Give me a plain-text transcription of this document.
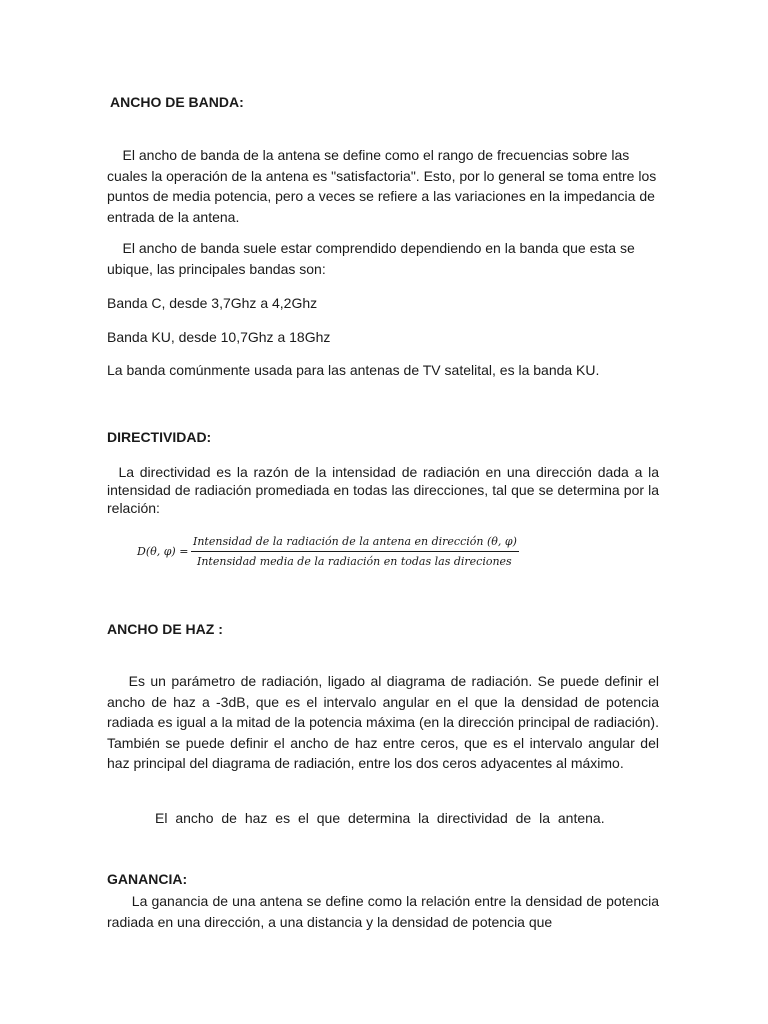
ANCHO DE BANDA:

El ancho de banda de la antena se define como el rango de frecuencias sobre las cuales la operación de la antena es "satisfactoria". Esto, por lo general se toma entre los puntos de media potencia, pero a veces se refiere a las variaciones en la impedancia de entrada de la antena.

El ancho de banda suele estar comprendido dependiendo en la banda que esta se ubique, las principales bandas son:

Banda C, desde 3,7Ghz a 4,2Ghz

Banda KU, desde 10,7Ghz a 18Ghz

La banda comúnmente usada para las antenas de TV satelital, es la banda KU.

DIRECTIVIDAD:

La directividad es la razón de la intensidad de radiación en una dirección dada a la intensidad de radiación promediada en todas las direcciones, tal que se determina por la relación:

D(θ, φ) =
Intensidad de la radiación de la antena en dirección (θ, φ)
Intensidad media de la radiación en todas las direciones
ANCHO DE HAZ :

Es un parámetro de radiación, ligado al diagrama de radiación. Se puede definir el ancho de haz a -3dB, que es el intervalo angular en el que la densidad de potencia radiada es igual a la mitad de la potencia máxima (en la dirección principal de radiación). También se puede definir el ancho de haz entre ceros, que es el intervalo angular del haz principal del diagrama de radiación, entre los dos ceros adyacentes al máximo.

El ancho de haz es el que determina la directividad de la antena.

GANANCIA:

La ganancia de una antena se define como la relación entre la densidad de potencia radiada en una dirección, a una distancia y la densidad de potencia que
